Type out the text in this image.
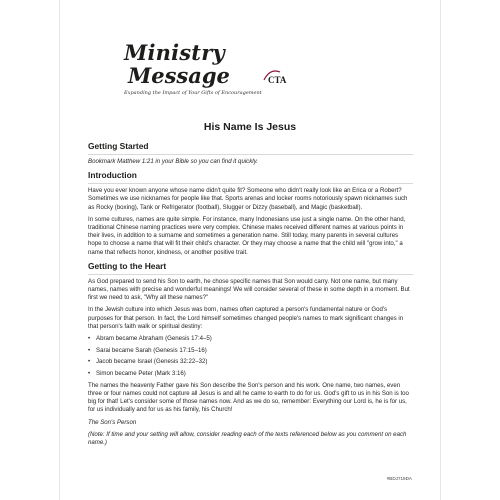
Ministry
Message	CTA
Expanding the Impact of Your Gifts of Encouragement
His Name Is Jesus
Getting Started
Bookmark Matthew 1:21 in your Bible so you can find it quickly.
Introduction
Have you ever known anyone whose name didn't quite fit? Someone who didn't really look like an Erica or a Robert? Sometimes we use nicknames for people like that. Sports arenas and locker rooms notoriously spawn nicknames such as Rocky (boxing), Tank or Refrigerator (football), Slugger or Dizzy (baseball), and Magic (basketball).
In some cultures, names are quite simple. For instance, many Indonesians use just a single name. On the other hand, traditional Chinese naming practices were very complex. Chinese males received different names at various points in their lives, in addition to a surname and sometimes a generation name. Still today, many parents in several cultures hope to choose a name that will fit their child's character. Or they may choose a name that the child will "grow into," a name that reflects honor, kindness, or another positive trait.
Getting to the Heart
As God prepared to send his Son to earth, he chose specific names that Son would carry. Not one name, but many names, names with precise and wonderful meanings! We will consider several of these in some depth in a moment. But first we need to ask, "Why all these names?"
In the Jewish culture into which Jesus was born, names often captured a person's fundamental nature or God's purposes for that person. In fact, the Lord himself sometimes changed people's names to mark significant changes in that person's faith walk or spiritual destiny:
• Abram became Abraham (Genesis 17:4–5)
• Sarai became Sarah (Genesis 17:15–16)
• Jacob became Israel (Genesis 32:22–32)
• Simon became Peter (Mark 3:16)
The names the heavenly Father gave his Son describe the Son's person and his work. One name, two names, even three or four names could not capture all Jesus is and all he came to earth to do for us. God's gift to us in his Son is too big for that! Let's consider some of those names now. And as we do so, remember: Everything our Lord is, he is for us, for us individually and for us as his family, his Church!
The Son's Person
(Note: If time and your setting will allow, consider reading each of the texts referenced below as you comment on each name.)
#BDJ719DA
